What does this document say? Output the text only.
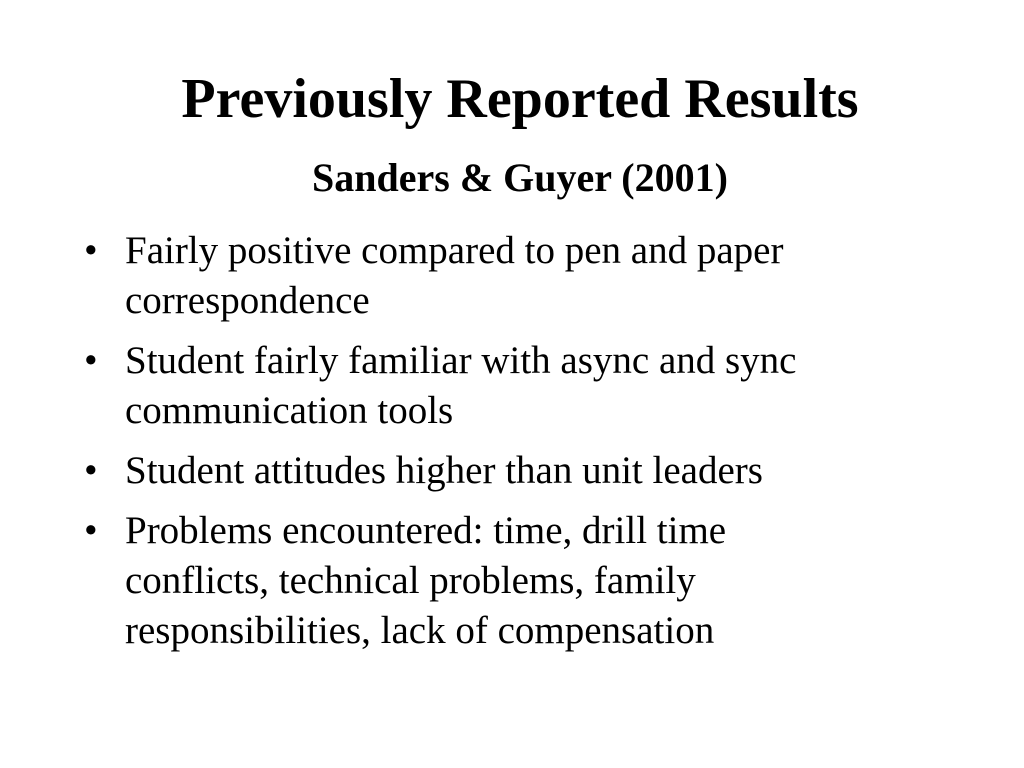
Previously Reported Results
Sanders & Guyer (2001)
• Fairly positive compared to pen and paper
correspondence
• Student fairly familiar with async and sync
communication tools
• Student attitudes higher than unit leaders
• Problems encountered: time, drill time
conflicts, technical problems, family
responsibilities, lack of compensation
